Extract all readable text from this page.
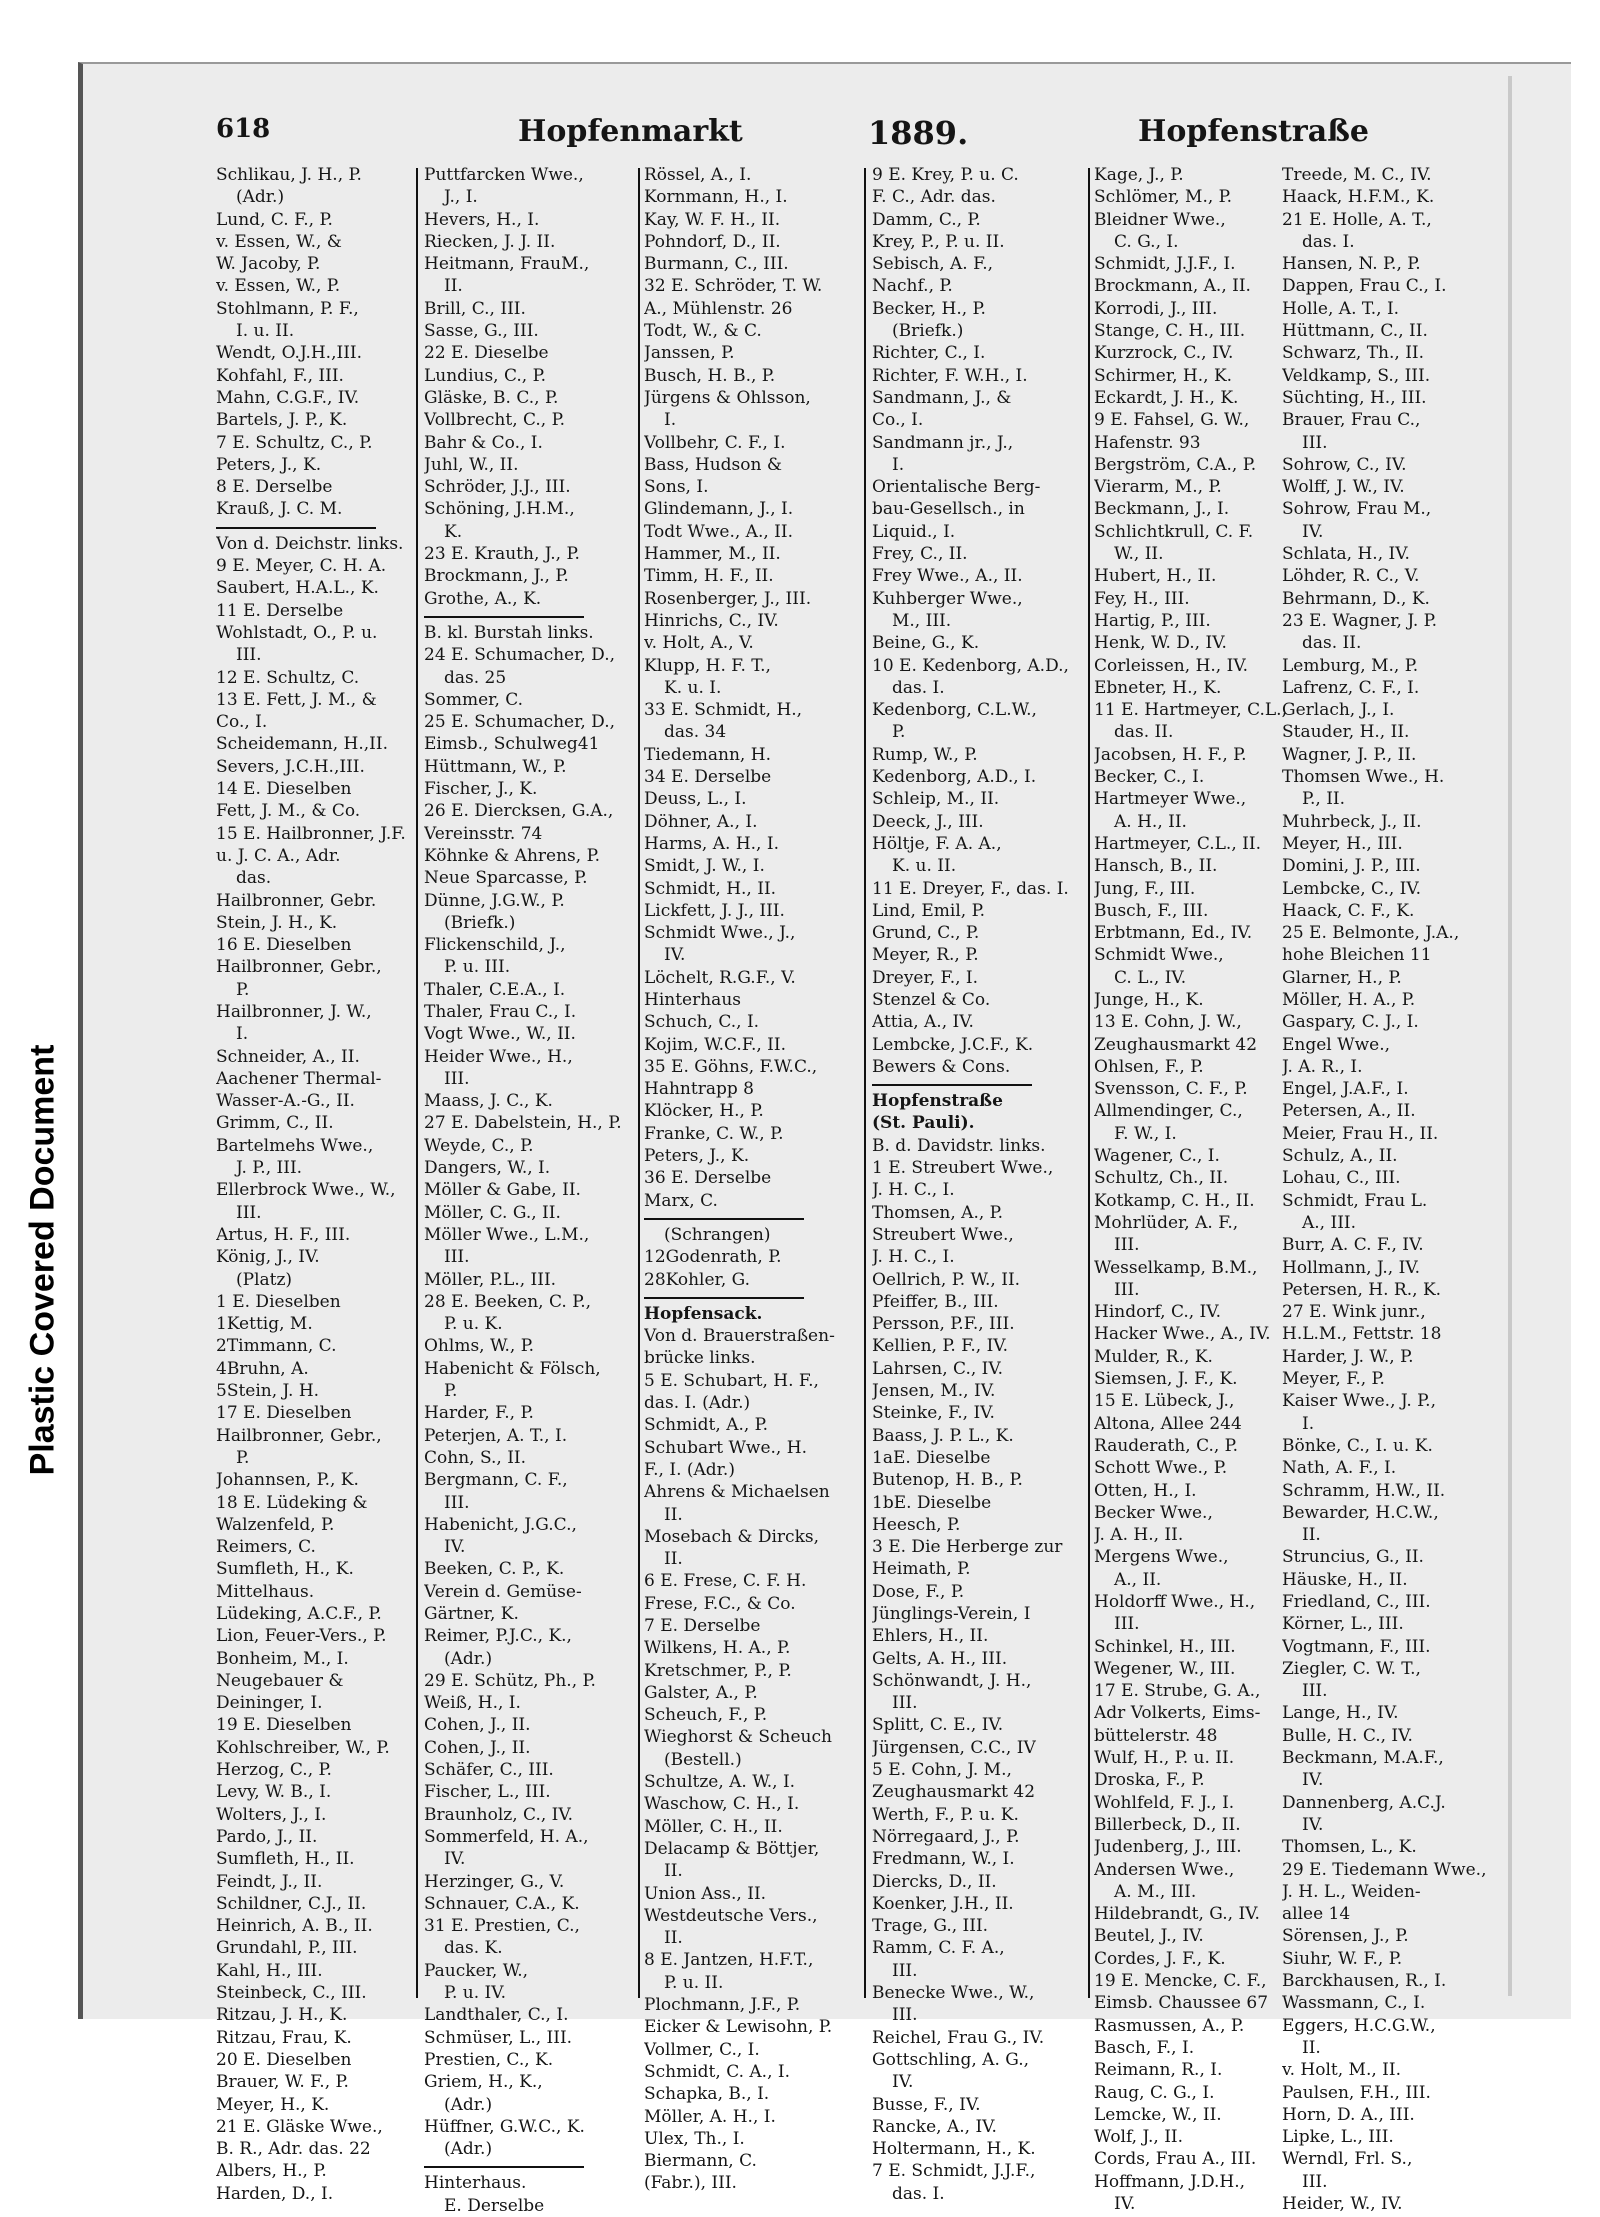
Plastic Covered Document
618	Hopfenmarkt	1889.	Hopfenstraße
Schlikau, J. H., P.
(Adr.)
Lund, C. F., P.
v. Essen, W., &
W. Jacoby, P.
v. Essen, W., P.
Stohlmann, P. F.,
I. u. II.
Wendt, O.J.H.,III.
Kohfahl, F., III.
Mahn, C.G.F., IV.
Bartels, J. P., K.
7 E. Schultz, C., P.
Peters, J., K.
8 E. Derselbe
Krauß, J. C. M.
Von d. Deichstr. links.
9 E. Meyer, C. H. A.
Saubert, H.A.L., K.
11 E. Derselbe
Wohlstadt, O., P. u.
III.
12 E. Schultz, C.
13 E. Fett, J. M., &
Co., I.
Scheidemann, H.,II.
Severs, J.C.H.,III.
14 E. Dieselben
Fett, J. M., & Co.
15 E. Hailbronner, J.F.
u. J. C. A., Adr.
das.
Hailbronner, Gebr.
Stein, J. H., K.
16 E. Dieselben
Hailbronner, Gebr.,
P.
Hailbronner, J. W.,
I.
Schneider, A., II.
Aachener Thermal-
Wasser-A.-G., II.
Grimm, C., II.
Bartelmehs Wwe.,
J. P., III.
Ellerbrock Wwe., W.,
III.
Artus, H. F., III.
König, J., IV.
(Platz)
1 E. Dieselben
1Kettig, M.
2Timmann, C.
4Bruhn, A.
5Stein, J. H.
17 E. Dieselben
Hailbronner, Gebr.,
P.
Johannsen, P., K.
18 E. Lüdeking &
Walzenfeld, P.
Reimers, C.
Sumfleth, H., K.
Mittelhaus.
Lüdeking, A.C.F., P.
Lion, Feuer-Vers., P.
Bonheim, M., I.
Neugebauer &
Deininger, I.
19 E. Dieselben
Kohlschreiber, W., P.
Herzog, C., P.
Levy, W. B., I.
Wolters, J., I.
Pardo, J., II.
Sumfleth, H., II.
Feindt, J., II.
Schildner, C.J., II.
Heinrich, A. B., II.
Grundahl, P., III.
Kahl, H., III.
Steinbeck, C., III.
Ritzau, J. H., K.
Ritzau, Frau, K.
20 E. Dieselben
Brauer, W. F., P.
Meyer, H., K.
21 E. Gläske Wwe.,
B. R., Adr. das. 22
Albers, H., P.
Harden, D., I.
Puttfarcken Wwe.,
J., I.
Hevers, H., I.
Riecken, J. J. II.
Heitmann, FrauM.,
II.
Brill, C., III.
Sasse, G., III.
22 E. Dieselbe
Lundius, C., P.
Gläske, B. C., P.
Vollbrecht, C., P.
Bahr & Co., I.
Juhl, W., II.
Schröder, J.J., III.
Schöning, J.H.M.,
K.
23 E. Krauth, J., P.
Brockmann, J., P.
Grothe, A., K.
B. kl. Burstah links.
24 E. Schumacher, D.,
das. 25
Sommer, C.
25 E. Schumacher, D.,
Eimsb., Schulweg41
Hüttmann, W., P.
Fischer, J., K.
26 E. Diercksen, G.A.,
Vereinsstr. 74
Köhnke & Ahrens, P.
Neue Sparcasse, P.
Dünne, J.G.W., P.
(Briefk.)
Flickenschild, J.,
P. u. III.
Thaler, C.E.A., I.
Thaler, Frau C., I.
Vogt Wwe., W., II.
Heider Wwe., H.,
III.
Maass, J. C., K.
27 E. Dabelstein, H., P.
Weyde, C., P.
Dangers, W., I.
Möller & Gabe, II.
Möller, C. G., II.
Möller Wwe., L.M.,
III.
Möller, P.L., III.
28 E. Beeken, C. P.,
P. u. K.
Ohlms, W., P.
Habenicht & Fölsch,
P.
Harder, F., P.
Peterjen, A. T., I.
Cohn, S., II.
Bergmann, C. F.,
III.
Habenicht, J.G.C.,
IV.
Beeken, C. P., K.
Verein d. Gemüse-
Gärtner, K.
Reimer, P.J.C., K.,
(Adr.)
29 E. Schütz, Ph., P.
Weiß, H., I.
Cohen, J., II.
Cohen, J., II.
Schäfer, C., III.
Fischer, L., III.
Braunholz, C., IV.
Sommerfeld, H. A.,
IV.
Herzinger, G., V.
Schnauer, C.A., K.
31 E. Prestien, C.,
das. K.
Paucker, W.,
P. u. IV.
Landthaler, C., I.
Schmüser, L., III.
Prestien, C., K.
Griem, H., K.,
(Adr.)
Hüffner, G.W.C., K.
(Adr.)
Hinterhaus.
E. Derselbe
Rössel, A., I.
Kornmann, H., I.
Kay, W. F. H., II.
Pohndorf, D., II.
Burmann, C., III.
32 E. Schröder, T. W.
A., Mühlenstr. 26
Todt, W., & C.
Janssen, P.
Busch, H. B., P.
Jürgens & Ohlsson,
I.
Vollbehr, C. F., I.
Bass, Hudson &
Sons, I.
Glindemann, J., I.
Todt Wwe., A., II.
Hammer, M., II.
Timm, H. F., II.
Rosenberger, J., III.
Hinrichs, C., IV.
v. Holt, A., V.
Klupp, H. F. T.,
K. u. I.
33 E. Schmidt, H.,
das. 34
Tiedemann, H.
34 E. Derselbe
Deuss, L., I.
Döhner, A., I.
Harms, A. H., I.
Smidt, J. W., I.
Schmidt, H., II.
Lickfett, J. J., III.
Schmidt Wwe., J.,
IV.
Löchelt, R.G.F., V.
Hinterhaus
Schuch, C., I.
Kojim, W.C.F., II.
35 E. Göhns, F.W.C.,
Hahntrapp 8
Klöcker, H., P.
Franke, C. W., P.
Peters, J., K.
36 E. Derselbe
Marx, C.
(Schrangen)
12Godenrath, P.
28Kohler, G.
Hopfensack.
Von d. Brauerstraßen-
brücke links.
5 E. Schubart, H. F.,
das. I. (Adr.)
Schmidt, A., P.
Schubart Wwe., H.
F., I. (Adr.)
Ahrens & Michaelsen
II.
Mosebach & Dircks,
II.
6 E. Frese, C. F. H.
Frese, F.C., & Co.
7 E. Derselbe
Wilkens, H. A., P.
Kretschmer, P., P.
Galster, A., P.
Scheuch, F., P.
Wieghorst & Scheuch
(Bestell.)
Schultze, A. W., I.
Waschow, C. H., I.
Möller, C. H., II.
Delacamp & Böttjer,
II.
Union Ass., II.
Westdeutsche Vers.,
II.
8 E. Jantzen, H.F.T.,
P. u. II.
Plochmann, J.F., P.
Eicker & Lewisohn, P.
Vollmer, C., I.
Schmidt, C. A., I.
Schapka, B., I.
Möller, A. H., I.
Ulex, Th., I.
Biermann, C.
(Fabr.), III.
9 E. Krey, P. u. C.
F. C., Adr. das.
Damm, C., P.
Krey, P., P. u. II.
Sebisch, A. F.,
Nachf., P.
Becker, H., P.
(Briefk.)
Richter, C., I.
Richter, F. W.H., I.
Sandmann, J., &
Co., I.
Sandmann jr., J.,
I.
Orientalische Berg-
bau-Gesellsch., in
Liquid., I.
Frey, C., II.
Frey Wwe., A., II.
Kuhberger Wwe.,
M., III.
Beine, G., K.
10 E. Kedenborg, A.D.,
das. I.
Kedenborg, C.L.W.,
P.
Rump, W., P.
Kedenborg, A.D., I.
Schleip, M., II.
Deeck, J., III.
Höltje, F. A. A.,
K. u. II.
11 E. Dreyer, F., das. I.
Lind, Emil, P.
Grund, C., P.
Meyer, R., P.
Dreyer, F., I.
Stenzel & Co.
Attia, A., IV.
Lembcke, J.C.F., K.
Bewers & Cons.
Hopfenstraße
(St. Pauli).
B. d. Davidstr. links.
1 E. Streubert Wwe.,
J. H. C., I.
Thomsen, A., P.
Streubert Wwe.,
J. H. C., I.
Oellrich, P. W., II.
Pfeiffer, B., III.
Persson, P.F., III.
Kellien, P. F., IV.
Lahrsen, C., IV.
Jensen, M., IV.
Steinke, F., IV.
Baass, J. P. L., K.
1aE. Dieselbe
Butenop, H. B., P.
1bE. Dieselbe
Heesch, P.
3 E. Die Herberge zur
Heimath, P.
Dose, F., P.
Jünglings-Verein, I
Ehlers, H., II.
Gelts, A. H., III.
Schönwandt, J. H.,
III.
Splitt, C. E., IV.
Jürgensen, C.C., IV
5 E. Cohn, J. M.,
Zeughausmarkt 42
Werth, F., P. u. K.
Nörregaard, J., P.
Fredmann, W., I.
Diercks, D., II.
Koenker, J.H., II.
Trage, G., III.
Ramm, C. F. A.,
III.
Benecke Wwe., W.,
III.
Reichel, Frau G., IV.
Gottschling, A. G.,
IV.
Busse, F., IV.
Rancke, A., IV.
Holtermann, H., K.
7 E. Schmidt, J.J.F.,
das. I.
Kage, J., P.
Schlömer, M., P.
Bleidner Wwe.,
C. G., I.
Schmidt, J.J.F., I.
Brockmann, A., II.
Korrodi, J., III.
Stange, C. H., III.
Kurzrock, C., IV.
Schirmer, H., K.
Eckardt, J. H., K.
9 E. Fahsel, G. W.,
Hafenstr. 93
Bergström, C.A., P.
Vierarm, M., P.
Beckmann, J., I.
Schlichtkrull, C. F.
W., II.
Hubert, H., II.
Fey, H., III.
Hartig, P., III.
Henk, W. D., IV.
Corleissen, H., IV.
Ebneter, H., K.
11 E. Hartmeyer, C.L.,
das. II.
Jacobsen, H. F., P.
Becker, C., I.
Hartmeyer Wwe.,
A. H., II.
Hartmeyer, C.L., II.
Hansch, B., II.
Jung, F., III.
Busch, F., III.
Erbtmann, Ed., IV.
Schmidt Wwe.,
C. L., IV.
Junge, H., K.
13 E. Cohn, J. W.,
Zeughausmarkt 42
Ohlsen, F., P.
Svensson, C. F., P.
Allmendinger, C.,
F. W., I.
Wagener, C., I.
Schultz, Ch., II.
Kotkamp, C. H., II.
Mohrlüder, A. F.,
III.
Wesselkamp, B.M.,
III.
Hindorf, C., IV.
Hacker Wwe., A., IV.
Mulder, R., K.
Siemsen, J. F., K.
15 E. Lübeck, J.,
Altona, Allee 244
Rauderath, C., P.
Schott Wwe., P.
Otten, H., I.
Becker Wwe.,
J. A. H., II.
Mergens Wwe.,
A., II.
Holdorff Wwe., H.,
III.
Schinkel, H., III.
Wegener, W., III.
17 E. Strube, G. A.,
Adr Volkerts, Eims-
büttelerstr. 48
Wulf, H., P. u. II.
Droska, F., P.
Wohlfeld, F. J., I.
Billerbeck, D., II.
Judenberg, J., III.
Andersen Wwe.,
A. M., III.
Hildebrandt, G., IV.
Beutel, J., IV.
Cordes, J. F., K.
19 E. Mencke, C. F.,
Eimsb. Chaussee 67
Rasmussen, A., P.
Basch, F., I.
Reimann, R., I.
Raug, C. G., I.
Lemcke, W., II.
Wolf, J., II.
Cords, Frau A., III.
Hoffmann, J.D.H.,
IV.
Treede, M. C., IV.
Haack, H.F.M., K.
21 E. Holle, A. T.,
das. I.
Hansen, N. P., P.
Dappen, Frau C., I.
Holle, A. T., I.
Hüttmann, C., II.
Schwarz, Th., II.
Veldkamp, S., III.
Süchting, H., III.
Brauer, Frau C.,
III.
Sohrow, C., IV.
Wolff, J. W., IV.
Sohrow, Frau M.,
IV.
Schlata, H., IV.
Löhder, R. C., V.
Behrmann, D., K.
23 E. Wagner, J. P.
das. II.
Lemburg, M., P.
Lafrenz, C. F., I.
Gerlach, J., I.
Stauder, H., II.
Wagner, J. P., II.
Thomsen Wwe., H.
P., II.
Muhrbeck, J., II.
Meyer, H., III.
Domini, J. P., III.
Lembcke, C., IV.
Haack, C. F., K.
25 E. Belmonte, J.A.,
hohe Bleichen 11
Glarner, H., P.
Möller, H. A., P.
Gaspary, C. J., I.
Engel Wwe.,
J. A. R., I.
Engel, J.A.F., I.
Petersen, A., II.
Meier, Frau H., II.
Schulz, A., II.
Lohau, C., III.
Schmidt, Frau L.
A., III.
Burr, A. C. F., IV.
Hollmann, J., IV.
Petersen, H. R., K.
27 E. Wink junr.,
H.L.M., Fettstr. 18
Harder, J. W., P.
Meyer, F., P.
Kaiser Wwe., J. P.,
I.
Bönke, C., I. u. K.
Nath, A. F., I.
Schramm, H.W., II.
Bewarder, H.C.W.,
II.
Struncius, G., II.
Häuske, H., II.
Friedland, C., III.
Körner, L., III.
Vogtmann, F., III.
Ziegler, C. W. T.,
III.
Lange, H., IV.
Bulle, H. C., IV.
Beckmann, M.A.F.,
IV.
Dannenberg, A.C.J.
IV.
Thomsen, L., K.
29 E. Tiedemann Wwe.,
J. H. L., Weiden-
allee 14
Sörensen, J., P.
Siuhr, W. F., P.
Barckhausen, R., I.
Wassmann, C., I.
Eggers, H.C.G.W.,
II.
v. Holt, M., II.
Paulsen, F.H., III.
Horn, D. A., III.
Lipke, L., III.
Werndl, Frl. S.,
III.
Heider, W., IV.
